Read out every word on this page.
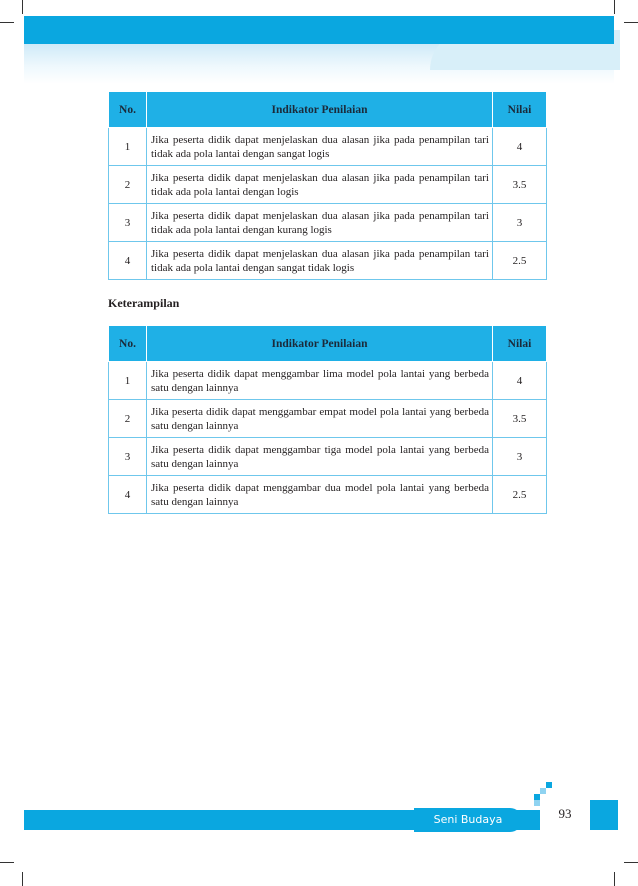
No.	Indikator Penilaian	Nilai
1	Jika peserta didik dapat menjelaskan dua alasan jika pada penampilan tari tidak ada pola lantai dengan sangat logis	4
2	Jika peserta didik dapat menjelaskan dua alasan jika pada penampilan tari tidak ada pola lantai dengan logis	3.5
3	Jika peserta didik dapat menjelaskan dua alasan jika pada penampilan tari tidak ada pola lantai dengan kurang logis	3
4	Jika peserta didik dapat menjelaskan dua alasan jika pada penampilan tari tidak ada pola lantai dengan sangat tidak logis	2.5
Keterampilan
No.	Indikator Penilaian	Nilai
1	Jika peserta didik dapat menggambar lima model pola lantai yang berbeda satu dengan lainnya	4
2	Jika peserta didik dapat menggambar empat model pola lantai yang berbeda satu dengan lainnya	3.5
3	Jika peserta didik dapat menggambar tiga model pola lantai yang berbeda satu dengan lainnya	3
4	Jika peserta didik dapat menggambar dua model pola lantai yang berbeda satu dengan lainnya	2.5
Seni Budaya	93
